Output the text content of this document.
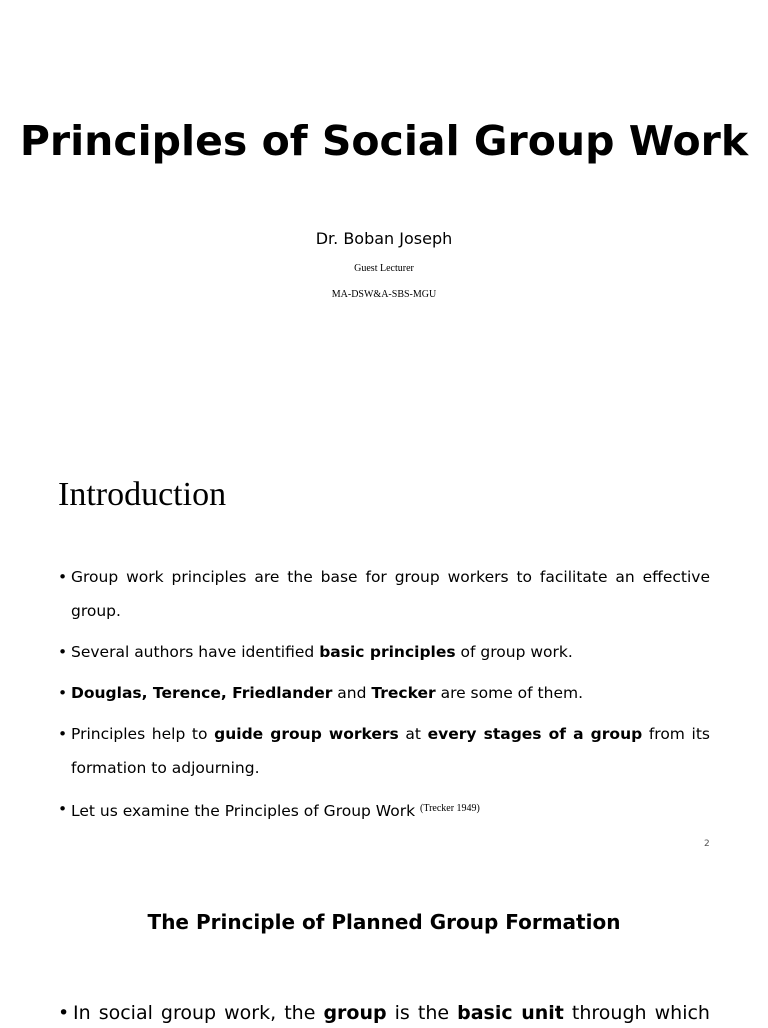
Principles of Social Group Work
Dr. Boban Joseph
Guest Lecturer
MA-DSW&A-SBS-MGU
Introduction
• Group work principles are the base for group workers to facilitate an effective group.
• Several authors have identified basic principles of group work.
• Douglas, Terence, Friedlander and Trecker are some of them.
• Principles help to guide group workers at every stages of a group from its formation to adjourning.
• Let us examine the Principles of Group Work $^{(Trecker 1949)}$
2
The Principle of Planned Group Formation
• In social group work, the group is the basic unit through which
